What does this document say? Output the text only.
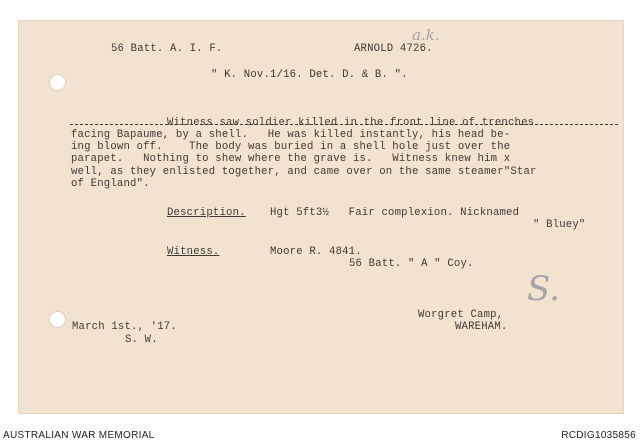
56 Batt. A. I. F.	ARNOLD 4726.
a.k.
" K. Nov.1/16. Det. D. & B. ".
Witness saw soldier killed in the front line of trenches
facing Bapaume, by a shell.   He was killed instantly, his head be-
ing blown off.    The body was buried in a shell hole just over the
parapet.   Nothing to shew where the grave is.   Witness knew him x
well, as they enlisted together, and came over on the same steamer"Star
of England".
Description. Hgt 5ft3½   Fair complexion. Nicknamed
" Bluey"
Witness.	Moore R. 4841.
56 Batt. " A " Coy.
S.
Worgret Camp,
WAREHAM.
March 1st., '17.
S. W.
AUSTRALIAN WAR MEMORIAL	RCDIG1035856
